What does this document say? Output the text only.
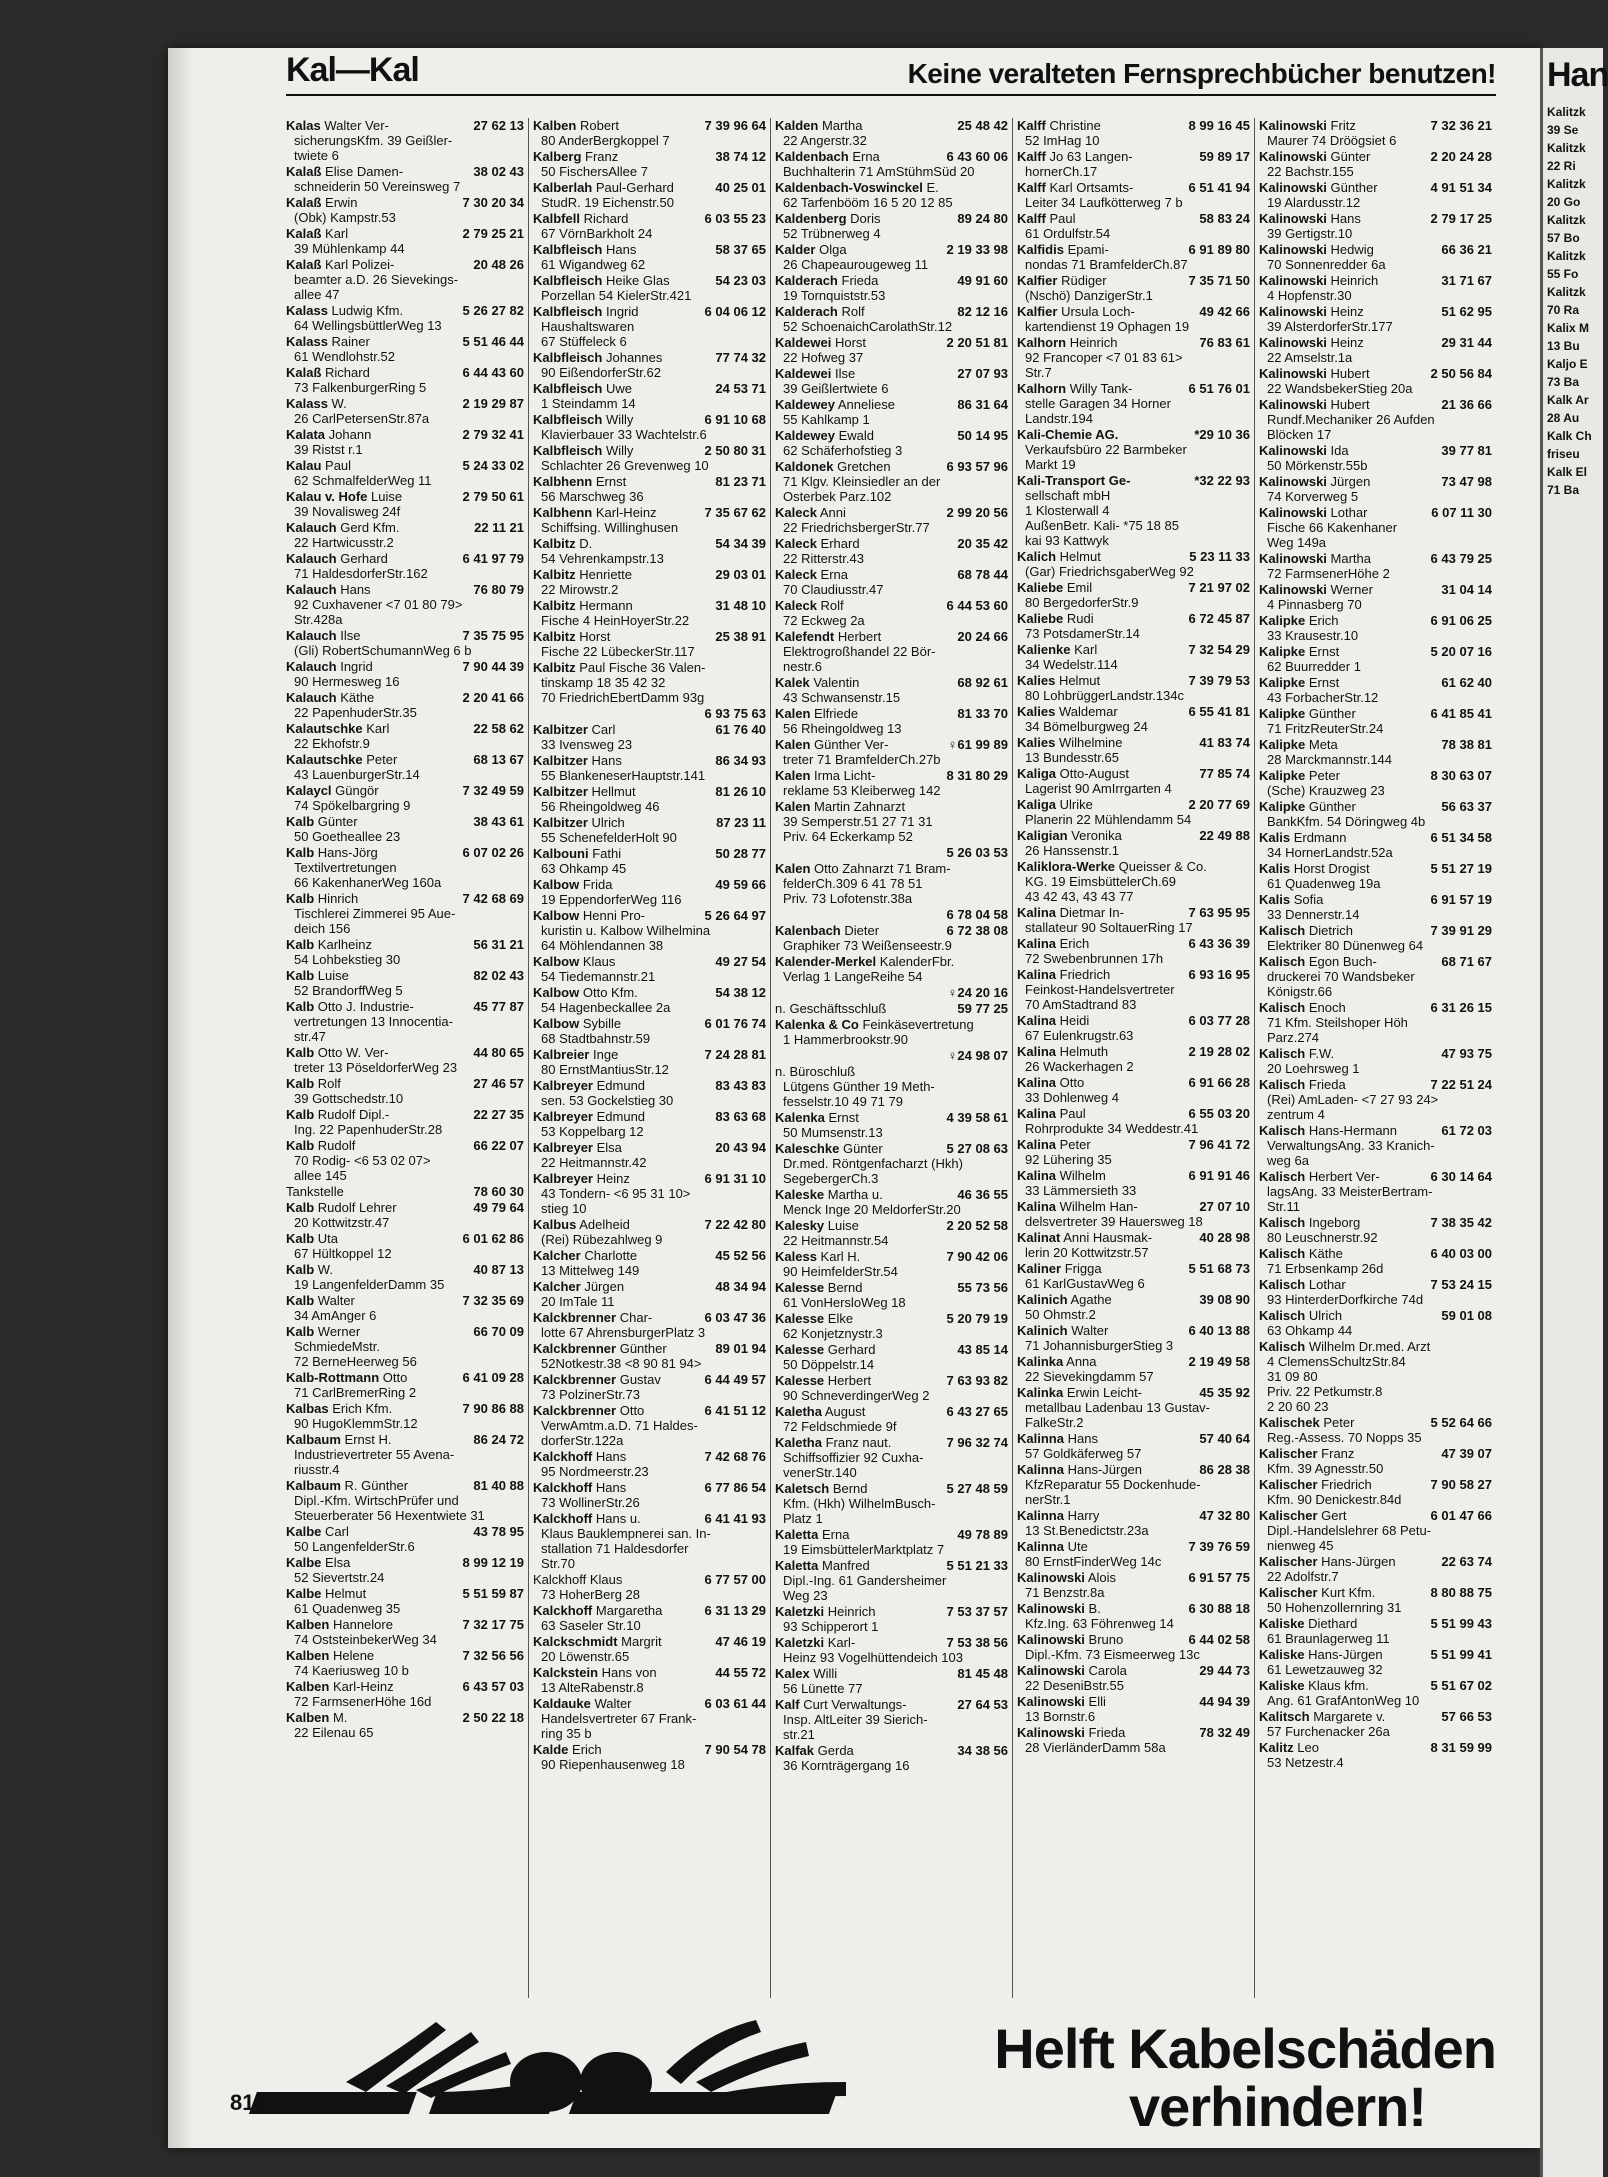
Han
Kalitzk
39 Se
Kalitzk
22 Ri
Kalitzk
20 Go
Kalitzk
57 Bo
Kalitzk
55 Fo
Kalitzk
70 Ra
Kalix M
13 Bu
Kaljo E
73 Ba
Kalk Ar
28 Au
Kalk Ch
friseu
Kalk El
71 Ba
Kal—Kal	Keine veralteten Fernsprechbücher benutzen!
Kalas Walter Ver-	27 62 13
sicherungsKfm. 39 Geißler-
twiete 6
Kalaß Elise Damen-	38 02 43
schneiderin 50 Vereinsweg 7
Kalaß Erwin	7 30 20 34
(Obk) Kampstr.53
Kalaß Karl	2 79 25 21
39 Mühlenkamp 44
Kalaß Karl Polizei-	20 48 26
beamter a.D. 26 Sievekings-
allee 47
Kalass Ludwig Kfm.	5 26 27 82
64 WellingsbüttlerWeg 13
Kalass Rainer	5 51 46 44
61 Wendlohstr.52
Kalaß Richard	6 44 43 60
73 FalkenburgerRing 5
Kalass W.	2 19 29 87
26 CarlPetersenStr.87a
Kalata Johann	2 79 32 41
39 Ristst r.1
Kalau Paul	5 24 33 02
62 SchmalfelderWeg 11
Kalau v. Hofe Luise	2 79 50 61
39 Novalisweg 24f
Kalauch Gerd Kfm.	22 11 21
22 Hartwicusstr.2
Kalauch Gerhard	6 41 97 79
71 HaldesdorferStr.162
Kalauch Hans	76 80 79
92 Cuxhavener <7 01 80 79>
Str.428a
Kalauch Ilse	7 35 75 95
(Gli) RobertSchumannWeg 6 b
Kalauch Ingrid	7 90 44 39
90 Hermesweg 16
Kalauch Käthe	2 20 41 66
22 PapenhuderStr.35
Kalautschke Karl	22 58 62
22 Ekhofstr.9
Kalautschke Peter	68 13 67
43 LauenburgerStr.14
Kalaycl Güngör	7 32 49 59
74 Spökelbargring 9
Kalb Günter	38 43 61
50 Goetheallee 23
Kalb Hans-Jörg	6 07 02 26
Textilvertretungen
66 KakenhanerWeg 160a
Kalb Hinrich	7 42 68 69
Tischlerei Zimmerei 95 Aue-
deich 156
Kalb Karlheinz	56 31 21
54 Lohbekstieg 30
Kalb Luise	82 02 43
52 BrandorffWeg 5
Kalb Otto J. Industrie-	45 77 87
vertretungen 13 Innocentia-
str.47
Kalb Otto W. Ver-	44 80 65
treter 13 PöseldorferWeg 23
Kalb Rolf	27 46 57
39 Gottschedstr.10
Kalb Rudolf Dipl.-	22 27 35
Ing. 22 PapenhuderStr.28
Kalb Rudolf	66 22 07
70 Rodig- <6 53 02 07>
allee 145
Tankstelle	78 60 30
Kalb Rudolf Lehrer	49 79 64
20 Kottwitzstr.47
Kalb Uta	6 01 62 86
67 Hültkoppel 12
Kalb W.	40 87 13
19 LangenfelderDamm 35
Kalb Walter	7 32 35 69
34 AmAnger 6
Kalb Werner	66 70 09
SchmiedeMstr.
72 BerneHeerweg 56
Kalb-Rottmann Otto	6 41 09 28
71 CarlBremerRing 2
Kalbas Erich Kfm.	7 90 86 88
90 HugoKlemmStr.12
Kalbaum Ernst H.	86 24 72
Industrievertreter 55 Avena-
riusstr.4
Kalbaum R. Günther	81 40 88
Dipl.-Kfm. WirtschPrüfer und
Steuerberater 56 Hexentwiete 31
Kalbe Carl	43 78 95
50 LangenfelderStr.6
Kalbe Elsa	8 99 12 19
52 Sievertstr.24
Kalbe Helmut	5 51 59 87
61 Quadenweg 35
Kalben Hannelore	7 32 17 75
74 OststeinbekerWeg 34
Kalben Helene	7 32 56 56
74 Kaeriusweg 10 b
Kalben Karl-Heinz	6 43 57 03
72 FarmsenerHöhe 16d
Kalben M.	2 50 22 18
22 Eilenau 65
Kalben Robert	7 39 96 64
80 AnderBergkoppel 7
Kalberg Franz	38 74 12
50 FischersAllee 7
Kalberlah Paul-Gerhard	40 25 01
StudR. 19 Eichenstr.50
Kalbfell Richard	6 03 55 23
67 VörnBarkholt 24
Kalbfleisch Hans	58 37 65
61 Wigandweg 62
Kalbfleisch Heike Glas	54 23 03
Porzellan 54 KielerStr.421
Kalbfleisch Ingrid	6 04 06 12
Haushaltswaren
67 Stüffeleck 6
Kalbfleisch Johannes	77 74 32
90 EißendorferStr.62
Kalbfleisch Uwe	24 53 71
1 Steindamm 14
Kalbfleisch Willy	6 91 10 68
Klavierbauer 33 Wachtelstr.6
Kalbfleisch Willy	2 50 80 31
Schlachter 26 Grevenweg 10
Kalbhenn Ernst	81 23 71
56 Marschweg 36
Kalbhenn Karl-Heinz	7 35 67 62
Schiffsing. Willinghusen
Kalbitz D.	54 34 39
54 Vehrenkampstr.13
Kalbitz Henriette	29 03 01
22 Mirowstr.2
Kalbitz Hermann	31 48 10
Fische 4 HeinHoyerStr.22
Kalbitz Horst	25 38 91
Fische 22 LübeckerStr.117
Kalbitz Paul Fische 36 Valen-
tinskamp 18 35 42 32
70 FriedrichEbertDamm 93g
6 93 75 63
Kalbitzer Carl	61 76 40
33 Ivensweg 23
Kalbitzer Hans	86 34 93
55 BlankeneserHauptstr.141
Kalbitzer Hellmut	81 26 10
56 Rheingoldweg 46
Kalbitzer Ulrich	87 23 11
55 SchenefelderHolt 90
Kalbouni Fathi	50 28 77
63 Ohkamp 45
Kalbow Frida	49 59 66
19 EppendorferWeg 116
Kalbow Henni Pro-	5 26 64 97
kuristin u. Kalbow Wilhelmina
64 Möhlendannen 38
Kalbow Klaus	49 27 54
54 Tiedemannstr.21
Kalbow Otto Kfm.	54 38 12
54 Hagenbeckallee 2a
Kalbow Sybille	6 01 76 74
68 Stadtbahnstr.59
Kalbreier Inge	7 24 28 81
80 ErnstMantiusStr.12
Kalbreyer Edmund	83 43 83
sen. 53 Gockelstieg 30
Kalbreyer Edmund	83 63 68
53 Koppelbarg 12
Kalbreyer Elsa	20 43 94
22 Heitmannstr.42
Kalbreyer Heinz	6 91 31 10
43 Tondern- <6 95 31 10>
stieg 10
Kalbus Adelheid	7 22 42 80
(Rei) Rübezahlweg 9
Kalcher Charlotte	45 52 56
13 Mittelweg 149
Kalcher Jürgen	48 34 94
20 ImTale 11
Kalckbrenner Char-	6 03 47 36
lotte 67 AhrensburgerPlatz 3
Kalckbrenner Günther	89 01 94
52Notkestr.38 <8 90 81 94>
Kalckbrenner Gustav	6 44 49 57
73 PolzinerStr.73
Kalckbrenner Otto	6 41 51 12
VerwAmtm.a.D. 71 Haldes-
dorferStr.122a
Kalckhoff Hans	7 42 68 76
95 Nordmeerstr.23
Kalckhoff Hans	6 77 86 54
73 WollinerStr.26
Kalckhoff Hans u.	6 41 41 93
Klaus Bauklempnerei san. In-
stallation 71 Haldesdorfer
Str.70
Kalckhoff Klaus	6 77 57 00
73 HoherBerg 28
Kalckhoff Margaretha	6 31 13 29
63 Saseler Str.10
Kalckschmidt Margrit	47 46 19
20 Löwenstr.65
Kalckstein Hans von	44 55 72
13 AlteRabenstr.8
Kaldauke Walter	6 03 61 44
Handelsvertreter 67 Frank-
ring 35 b
Kalde Erich	7 90 54 78
90 Riepenhausenweg 18
Kalden Martha	25 48 42
22 Angerstr.32
Kaldenbach Erna	6 43 60 06
Buchhalterin 71 AmStühmSüd 20
Kaldenbach-Voswinckel E.
62 Tarfenbööm 16 5 20 12 85
Kaldenberg Doris	89 24 80
52 Trübnerweg 4
Kalder Olga	2 19 33 98
26 Chapeaurougeweg 11
Kalderach Frieda	49 91 60
19 Tornquiststr.53
Kalderach Rolf	82 12 16
52 SchoenaichCarolathStr.12
Kaldewei Horst	2 20 51 81
22 Hofweg 37
Kaldewei Ilse	27 07 93
39 Geißlertwiete 6
Kaldewey Anneliese	86 31 64
55 Kahlkamp 1
Kaldewey Ewald	50 14 95
62 Schäferhofstieg 3
Kaldonek Gretchen	6 93 57 96
71 Klgv. Kleinsiedler an der
Osterbek Parz.102
Kaleck Anni	2 99 20 56
22 FriedrichsbergerStr.77
Kaleck Erhard	20 35 42
22 Ritterstr.43
Kaleck Erna	68 78 44
70 Claudiusstr.47
Kaleck Rolf	6 44 53 60
72 Eckweg 2a
Kalefendt Herbert	20 24 66
Elektrogroßhandel 22 Bör-
nestr.6
Kalek Valentin	68 92 61
43 Schwansenstr.15
Kalen Elfriede	81 33 70
56 Rheingoldweg 13
Kalen Günther Ver-	♀61 99 89
treter 71 BramfelderCh.27b
Kalen Irma Licht-	8 31 80 29
reklame 53 Kleiberweg 142
Kalen Martin Zahnarzt
39 Semperstr.51 27 71 31
Priv. 64 Eckerkamp 52
5 26 03 53
Kalen Otto Zahnarzt 71 Bram-
felderCh.309 6 41 78 51
Priv. 73 Lofotenstr.38a
6 78 04 58
Kalenbach Dieter	6 72 38 08
Graphiker 73 Weißenseestr.9
Kalender-Merkel KalenderFbr.
Verlag 1 LangeReihe 54
♀24 20 16
n. Geschäftsschluß	59 77 25
Kalenka & Co Feinkäsevertretung
1 Hammerbrookstr.90
♀24 98 07
n. Büroschluß
Lütgens Günther 19 Meth-
fesselstr.10 49 71 79
Kalenka Ernst	4 39 58 61
50 Mumsenstr.13
Kaleschke Günter	5 27 08 63
Dr.med. Röntgenfacharzt (Hkh)
SegebergerCh.3
Kaleske Martha u.	46 36 55
Menck Inge 20 MeldorferStr.20
Kalesky Luise	2 20 52 58
22 Heitmannstr.54
Kaless Karl H.	7 90 42 06
90 HeimfelderStr.54
Kalesse Bernd	55 73 56
61 VonHersloWeg 18
Kalesse Elke	5 20 79 19
62 Konjetznystr.3
Kalesse Gerhard	43 85 14
50 Döppelstr.14
Kalesse Herbert	7 63 93 82
90 SchneverdingerWeg 2
Kaletha August	6 43 27 65
72 Feldschmiede 9f
Kaletha Franz naut.	7 96 32 74
Schiffsoffizier 92 Cuxha-
venerStr.140
Kaletsch Bernd	5 27 48 59
Kfm. (Hkh) WilhelmBusch-
Platz 1
Kaletta Erna	49 78 89
19 EimsbüttelerMarktplatz 7
Kaletta Manfred	5 51 21 33
Dipl.-Ing. 61 Gandersheimer
Weg 23
Kaletzki Heinrich	7 53 37 57
93 Schipperort 1
Kaletzki Karl-	7 53 38 56
Heinz 93 Vogelhüttendeich 103
Kalex Willi	81 45 48
56 Lünette 77
Kalf Curt Verwaltungs-	27 64 53
Insp. AltLeiter 39 Sierich-
str.21
Kalfak Gerda	34 38 56
36 Kornträgergang 16
Kalff Christine	8 99 16 45
52 ImHag 10
Kalff Jo 63 Langen-	59 89 17
hornerCh.17
Kalff Karl Ortsamts-	6 51 41 94
Leiter 34 Laufkötterweg 7 b
Kalff Paul	58 83 24
61 Ordulfstr.54
Kalfidis Epami-	6 91 89 80
nondas 71 BramfelderCh.87
Kalfier Rüdiger	7 35 71 50
(Nschö) DanzigerStr.1
Kalfier Ursula Loch-	49 42 66
kartendienst 19 Ophagen 19
Kalhorn Heinrich	76 83 61
92 Francoper <7 01 83 61>
Str.7
Kalhorn Willy Tank-	6 51 76 01
stelle Garagen 34 Horner
Landstr.194
Kali-Chemie AG.	*29 10 36
Verkaufsbüro 22 Barmbeker
Markt 19
Kali-Transport Ge-	*32 22 93
sellschaft mbH
1 Klosterwall 4
AußenBetr. Kali- *75 18 85
kai 93 Kattwyk
Kalich Helmut	5 23 11 33
(Gar) FriedrichsgaberWeg 92
Kaliebe Emil	7 21 97 02
80 BergedorferStr.9
Kaliebe Rudi	6 72 45 87
73 PotsdamerStr.14
Kalienke Karl	7 32 54 29
34 Wedelstr.114
Kalies Helmut	7 39 79 53
80 LohbrüggerLandstr.134c
Kalies Waldemar	6 55 41 81
34 Bömelburgweg 24
Kalies Wilhelmine	41 83 74
13 Bundesstr.65
Kaliga Otto-August	77 85 74
Lagerist 90 AmIrrgarten 4
Kaliga Ulrike	2 20 77 69
Planerin 22 Mühlendamm 54
Kaligian Veronika	22 49 88
26 Hanssenstr.1
Kaliklora-Werke Queisser & Co.
KG. 19 EimsbüttelerCh.69
43 42 43, 43 43 77
Kalina Dietmar In-	7 63 95 95
stallateur 90 SoltauerRing 17
Kalina Erich	6 43 36 39
72 Swebenbrunnen 17h
Kalina Friedrich	6 93 16 95
Feinkost-Handelsvertreter
70 AmStadtrand 83
Kalina Heidi	6 03 77 28
67 Eulenkrugstr.63
Kalina Helmuth	2 19 28 02
26 Wackerhagen 2
Kalina Otto	6 91 66 28
33 Dohlenweg 4
Kalina Paul	6 55 03 20
Rohrprodukte 34 Weddestr.41
Kalina Peter	7 96 41 72
92 Lühering 35
Kalina Wilhelm	6 91 91 46
33 Lämmersieth 33
Kalina Wilhelm Han-	27 07 10
delsvertreter 39 Hauersweg 18
Kalinat Anni Hausmak-	40 28 98
lerin 20 Kottwitzstr.57
Kaliner Frigga	5 51 68 73
61 KarlGustavWeg 6
Kalinich Agathe	39 08 90
50 Ohmstr.2
Kalinich Walter	6 40 13 88
71 JohannisburgerStieg 3
Kalinka Anna	2 19 49 58
22 Sievekingdamm 57
Kalinka Erwin Leicht-	45 35 92
metallbau Ladenbau 13 Gustav-
FalkeStr.2
Kalinna Hans	57 40 64
57 Goldkäferweg 57
Kalinna Hans-Jürgen	86 28 38
KfzReparatur 55 Dockenhude-
nerStr.1
Kalinna Harry	47 32 80
13 St.Benedictstr.23a
Kalinna Ute	7 39 76 59
80 ErnstFinderWeg 14c
Kalinowski Alois	6 91 57 75
71 Benzstr.8a
Kalinowski B.	6 30 88 18
Kfz.Ing. 63 Föhrenweg 14
Kalinowski Bruno	6 44 02 58
Dipl.-Kfm. 73 Eismeerweg 13c
Kalinowski Carola	29 44 73
22 DeseniBstr.55
Kalinowski Elli	44 94 39
13 Bornstr.6
Kalinowski Frieda	78 32 49
28 VierländerDamm 58a
Kalinowski Fritz	7 32 36 21
Maurer 74 Dröögsiet 6
Kalinowski Günter	2 20 24 28
22 Bachstr.155
Kalinowski Günther	4 91 51 34
19 Alardusstr.12
Kalinowski Hans	2 79 17 25
39 Gertigstr.10
Kalinowski Hedwig	66 36 21
70 Sonnenredder 6a
Kalinowski Heinrich	31 71 67
4 Hopfenstr.30
Kalinowski Heinz	51 62 95
39 AlsterdorferStr.177
Kalinowski Heinz	29 31 44
22 Amselstr.1a
Kalinowski Hubert	2 50 56 84
22 WandsbekerStieg 20a
Kalinowski Hubert	21 36 66
Rundf.Mechaniker 26 Aufden
Blöcken 17
Kalinowski Ida	39 77 81
50 Mörkenstr.55b
Kalinowski Jürgen	73 47 98
74 Korverweg 5
Kalinowski Lothar	6 07 11 30
Fische 66 Kakenhaner
Weg 149a
Kalinowski Martha	6 43 79 25
72 FarmsenerHöhe 2
Kalinowski Werner	31 04 14
4 Pinnasberg 70
Kalipke Erich	6 91 06 25
33 Krausestr.10
Kalipke Ernst	5 20 07 16
62 Buurredder 1
Kalipke Ernst	61 62 40
43 ForbacherStr.12
Kalipke Günther	6 41 85 41
71 FritzReuterStr.24
Kalipke Meta	78 38 81
28 Marckmannstr.144
Kalipke Peter	8 30 63 07
(Sche) Krauzweg 23
Kalipke Günther	56 63 37
BankKfm. 54 Döringweg 4b
Kalis Erdmann	6 51 34 58
34 HornerLandstr.52a
Kalis Horst Drogist	5 51 27 19
61 Quadenweg 19a
Kalis Sofia	6 91 57 19
33 Dennerstr.14
Kalisch Dietrich	7 39 91 29
Elektriker 80 Dünenweg 64
Kalisch Egon Buch-	68 71 67
druckerei 70 Wandsbeker
Königstr.66
Kalisch Enoch	6 31 26 15
71 Kfm. Steilshoper Höh
Parz.274
Kalisch F.W.	47 93 75
20 Loehrsweg 1
Kalisch Frieda	7 22 51 24
(Rei) AmLaden- <7 27 93 24>
zentrum 4
Kalisch Hans-Hermann	61 72 03
VerwaltungsAng. 33 Kranich-
weg 6a
Kalisch Herbert Ver-	6 30 14 64
lagsAng. 33 MeisterBertram-
Str.11
Kalisch Ingeborg	7 38 35 42
80 Leuschnerstr.92
Kalisch Käthe	6 40 03 00
71 Erbsenkamp 26d
Kalisch Lothar	7 53 24 15
93 HinterderDorfkirche 74d
Kalisch Ulrich	59 01 08
63 Ohkamp 44
Kalisch Wilhelm Dr.med. Arzt
4 ClemensSchultzStr.84
31 09 80
Priv. 22 Petkumstr.8
2 20 60 23
Kalischek Peter	5 52 64 66
Reg.-Assess. 70 Nopps 35
Kalischer Franz	47 39 07
Kfm. 39 Agnesstr.50
Kalischer Friedrich	7 90 58 27
Kfm. 90 Denickestr.84d
Kalischer Gert	6 01 47 66
Dipl.-Handelslehrer 68 Petu-
nienweg 45
Kalischer Hans-Jürgen	22 63 74
22 Adolfstr.7
Kalischer Kurt Kfm.	8 80 88 75
50 Hohenzollernring 31
Kaliske Diethard	5 51 99 43
61 Braunlagerweg 11
Kaliske Hans-Jürgen	5 51 99 41
61 Lewetzauweg 32
Kaliske Klaus kfm.	5 51 67 02
Ang. 61 GrafAntonWeg 10
Kalitsch Margarete v.	57 66 53
57 Furchenacker 26a
Kalitz Leo	8 31 59 99
53 Netzestr.4
Helft Kabelschäden
verhindern!
816
